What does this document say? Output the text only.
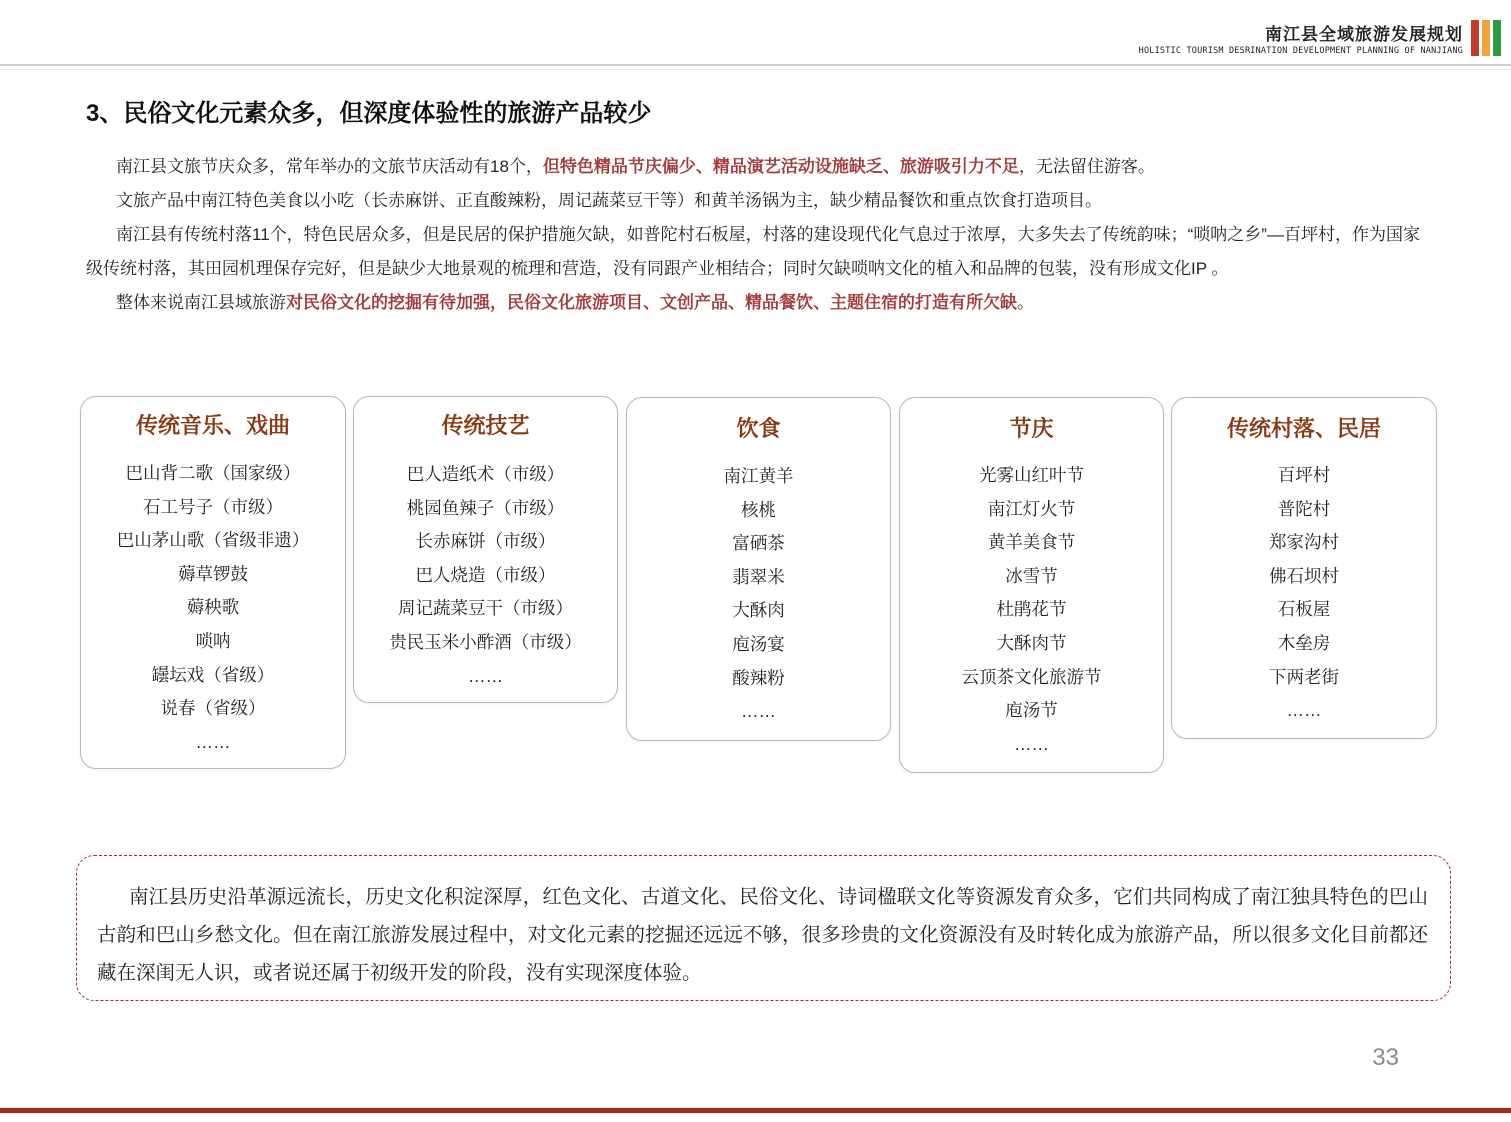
南江县全域旅游发展规划
HOLISTIC TOURISM DESRINATION DEVELOPMENT PLANNING OF NANJIANG
3、民俗文化元素众多，但深度体验性的旅游产品较少

南江县文旅节庆众多，常年举办的文旅节庆活动有18个，但特色精品节庆偏少、精品演艺活动设施缺乏、旅游吸引力不足，无法留住游客。

文旅产品中南江特色美食以小吃（长赤麻饼、正直酸辣粉，周记蔬菜豆干等）和黄羊汤锅为主，缺少精品餐饮和重点饮食打造项目。

南江县有传统村落11个，特色民居众多，但是民居的保护措施欠缺，如普陀村石板屋，村落的建设现代化气息过于浓厚，大多失去了传统韵味；“唢呐之乡”—百坪村，作为国家级传统村落，其田园机理保存完好，但是缺少大地景观的梳理和营造，没有同跟产业相结合；同时欠缺唢呐文化的植入和品牌的包装，没有形成文化IP 。

整体来说南江县域旅游对民俗文化的挖掘有待加强，民俗文化旅游项目、文创产品、精品餐饮、主题住宿的打造有所欠缺。

传统音乐、戏曲
巴山背二歌（国家级）
石工号子（市级）
巴山茅山歌（省级非遗）
薅草锣鼓
薅秧歌
唢呐
罎坛戏（省级）
说春（省级）
……
传统技艺
巴人造纸术（市级）
桃园鱼辣子（市级）
长赤麻饼（市级）
巴人烧造（市级）
周记蔬菜豆干（市级）
贵民玉米小酢酒（市级）
……
饮食
南江黄羊
核桃
富硒茶
翡翠米
大酥肉
庖汤宴
酸辣粉
……
节庆
光雾山红叶节
南江灯火节
黄羊美食节
冰雪节
杜鹃花节
大酥肉节
云顶茶文化旅游节
庖汤节
……
传统村落、民居
百坪村
普陀村
郑家沟村
佛石坝村
石板屋
木垒房
下两老街
……

南江县历史沿革源远流长，历史文化积淀深厚，红色文化、古道文化、民俗文化、诗词楹联文化等资源发育众多，它们共同构成了南江独具特色的巴山古韵和巴山乡愁文化。但在南江旅游发展过程中，对文化元素的挖掘还远远不够，很多珍贵的文化资源没有及时转化成为旅游产品，所以很多文化目前都还藏在深闺无人识，或者说还属于初级开发的阶段，没有实现深度体验。

33
